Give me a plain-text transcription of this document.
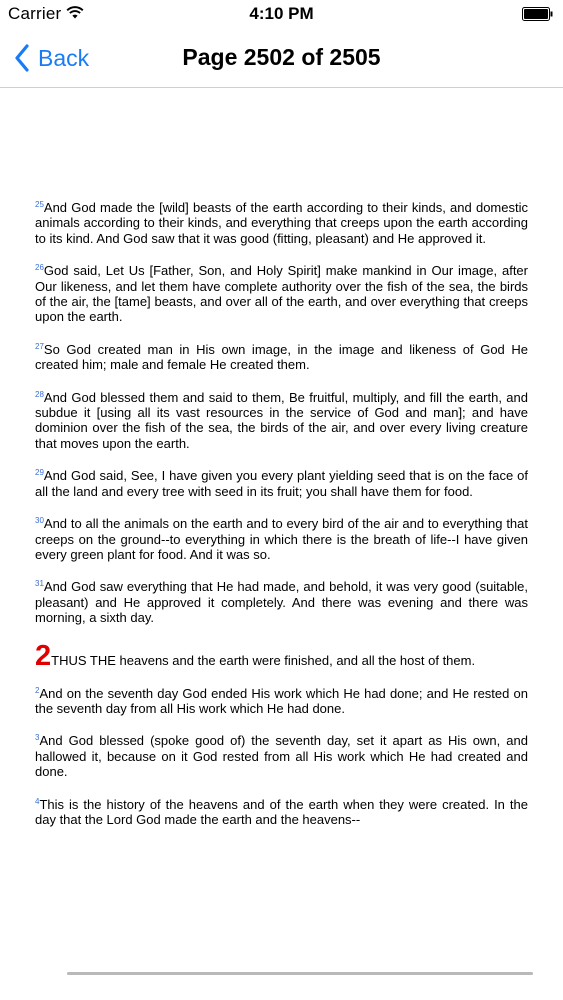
Carrier	4:10 PM
Back	Page 2502 of 2505

$^{25}$And God made the [wild] beasts of the earth according to their kinds, and domestic animals according to their kinds, and everything that creeps upon the earth according to its kind. And God saw that it was good (fitting, pleasant) and He approved it.

$^{26}$God said, Let Us [Father, Son, and Holy Spirit] make mankind in Our image, after Our likeness, and let them have complete authority over the fish of the sea, the birds of the air, the [tame] beasts, and over all of the earth, and over everything that creeps upon the earth.

$^{27}$So God created man in His own image, in the image and likeness of God He created him; male and female He created them.

$^{28}$And God blessed them and said to them, Be fruitful, multiply, and fill the earth, and subdue it [using all its vast resources in the service of God and man]; and have dominion over the fish of the sea, the birds of the air, and over every living creature that moves upon the earth.

$^{29}$And God said, See, I have given you every plant yielding seed that is on the face of all the land and every tree with seed in its fruit; you shall have them for food.

$^{30}$And to all the animals on the earth and to every bird of the air and to everything that creeps on the ground--to everything in which there is the breath of life--I have given every green plant for food. And it was so.

$^{31}$And God saw everything that He had made, and behold, it was very good (suitable, pleasant) and He approved it completely. And there was evening and there was morning, a sixth day.

2THUS THE heavens and the earth were finished, and all the host of them.

$^2$And on the seventh day God ended His work which He had done; and He rested on the seventh day from all His work which He had done.

$^3$And God blessed (spoke good of) the seventh day, set it apart as His own, and hallowed it, because on it God rested from all His work which He had created and done.

$^4$This is the history of the heavens and of the earth when they were created. In the day that the Lord God made the earth and the heavens--
